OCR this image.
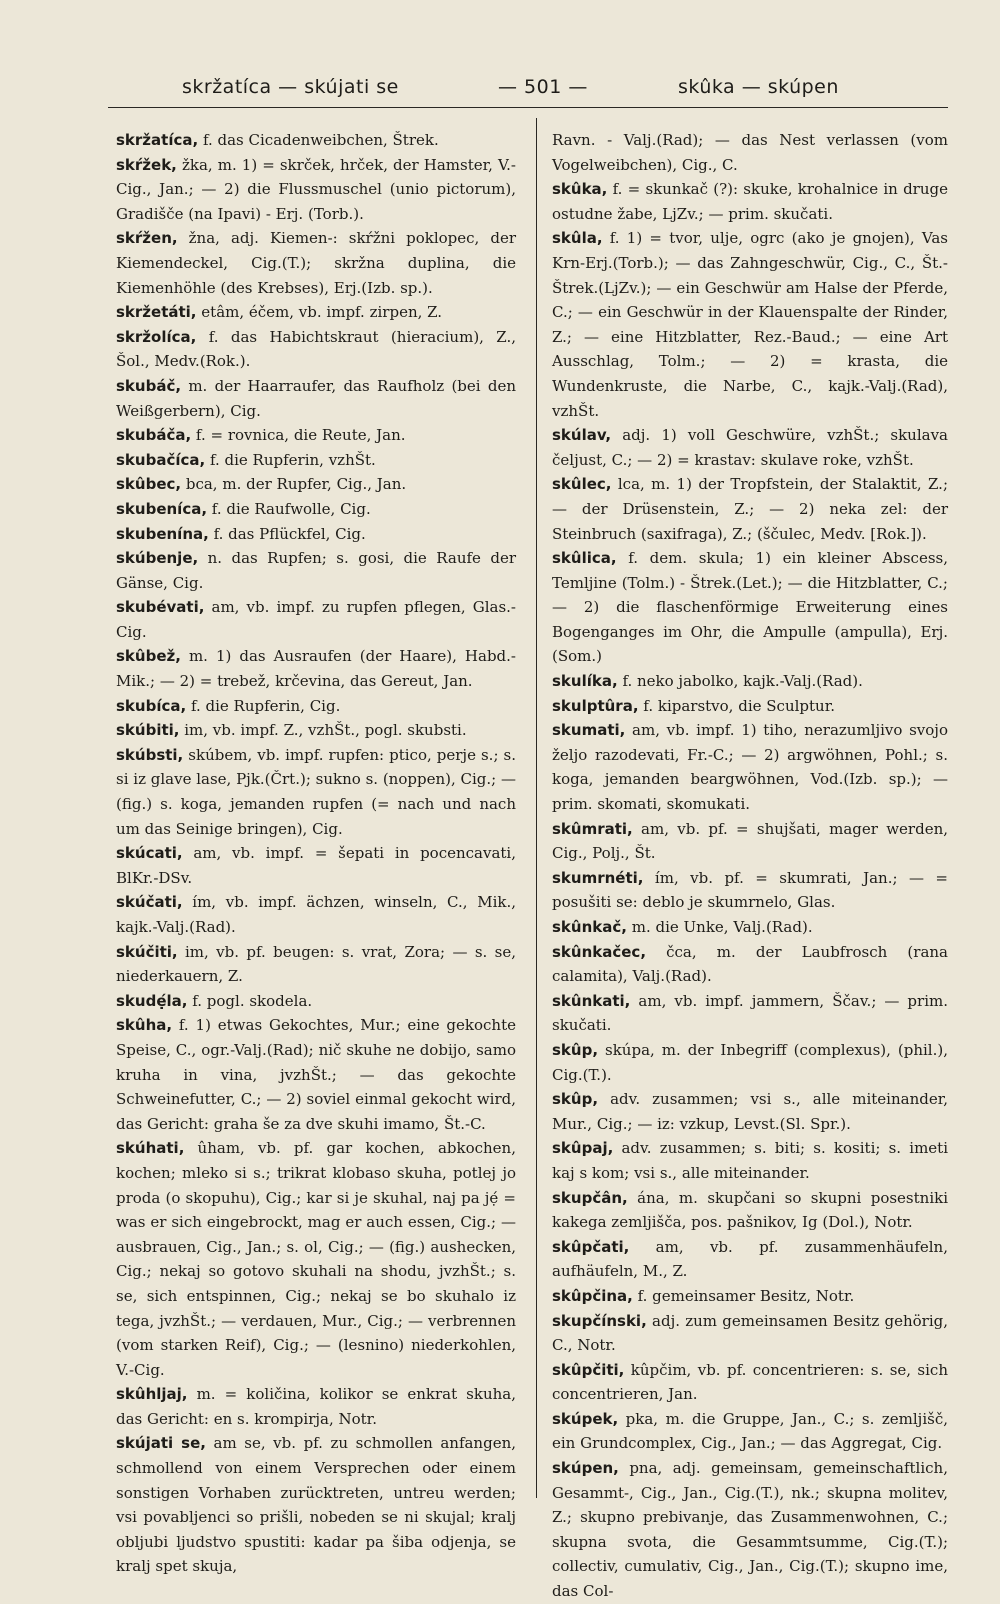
skržatíca — skújati se	— 501 —	skûka — skúpen

skržatíca, f. das Cicadenweibchen, Štrek.

skŕžek, žka, m. 1) = skrček, hrček, der Hamster, V.-Cig., Jan.; — 2) die Flussmuschel (unio pictorum), Gradišče (na Ipavi) - Erj. (Torb.).

skŕžen, žna, adj. Kiemen-: skŕžni poklopec, der Kiemendeckel, Cig.(T.); skržna duplina, die Kiemenhöhle (des Krebses), Erj.(Izb. sp.).

skržetáti, etâm, éčem, vb. impf. zirpen, Z.

skržolíca, f. das Habichtskraut (hieracium), Z., Šol., Medv.(Rok.).

skubáč, m. der Haarraufer, das Raufholz (bei den Weißgerbern), Cig.

skubáča, f. = rovnica, die Reute, Jan.

skubačíca, f. die Rupferin, vzhŠt.

skûbec, bca, m. der Rupfer, Cig., Jan.

skubeníca, f. die Raufwolle, Cig.

skubenína, f. das Pflückfel, Cig.

skúbenje, n. das Rupfen; s. gosi, die Raufe der Gänse, Cig.

skubévati, am, vb. impf. zu rupfen pflegen, Glas.-Cig.

skûbež, m. 1) das Ausraufen (der Haare), Habd.-Mik.; — 2) = trebež, krčevina, das Gereut, Jan.

skubíca, f. die Rupferin, Cig.

skúbiti, im, vb. impf. Z., vzhŠt., pogl. skubsti.

skúbsti, skúbem, vb. impf. rupfen: ptico, perje s.; s. si iz glave lase, Pjk.(Črt.); sukno s. (noppen), Cig.; — (fig.) s. koga, jemanden rupfen (= nach und nach um das Seinige bringen), Cig.

skúcati, am, vb. impf. = šepati in pocencavati, BlKr.-DSv.

skúčati, ím, vb. impf. ächzen, winseln, C., Mik., kajk.-Valj.(Rad).

skúčiti, im, vb. pf. beugen: s. vrat, Zora; — s. se, niederkauern, Z.

skudẹ́la, f. pogl. skodela.

skûha, f. 1) etwas Gekochtes, Mur.; eine gekochte Speise, C., ogr.-Valj.(Rad); nič skuhe ne dobijo, samo kruha in vina, jvzhŠt.; — das gekochte Schweinefutter, C.; — 2) soviel einmal gekocht wird, das Gericht: graha še za dve skuhi imamo, Št.-C.

skúhati, ûham, vb. pf. gar kochen, abkochen, kochen; mleko si s.; trikrat klobaso skuha, potlej jo proda (o skopuhu), Cig.; kar si je skuhal, naj pa jẹ́ = was er sich eingebrockt, mag er auch essen, Cig.; — ausbrauen, Cig., Jan.; s. ol, Cig.; — (fig.) aushecken, Cig.; nekaj so gotovo skuhali na shodu, jvzhŠt.; s. se, sich entspinnen, Cig.; nekaj se bo skuhalo iz tega, jvzhŠt.; — verdauen, Mur., Cig.; — verbrennen (vom starken Reif), Cig.; — (lesnino) niederkohlen, V.-Cig.

skûhljaj, m. = količina, kolikor se enkrat skuha, das Gericht: en s. krompirja, Notr.

skújati se, am se, vb. pf. zu schmollen anfangen, schmollend von einem Versprechen oder einem sonstigen Vorhaben zurücktreten, untreu werden; vsi povabljenci so prišli, nobeden se ni skujal; kralj obljubi ljudstvo spustiti: kadar pa šiba odjenja, se kralj spet skuja,

Ravn. - Valj.(Rad); — das Nest verlassen (vom Vogelweibchen), Cig., C.

skûka, f. = skunkač (?): skuke, krohalnice in druge ostudne žabe, LjZv.; — prim. skučati.

skûla, f. 1) = tvor, ulje, ogrc (ako je gnojen), Vas Krn-Erj.(Torb.); — das Zahngeschwür, Cig., C., Št.-Štrek.(LjZv.); — ein Geschwür am Halse der Pferde, C.; — ein Geschwür in der Klauenspalte der Rinder, Z.; — eine Hitzblatter, Rez.-Baud.; — eine Art Ausschlag, Tolm.; — 2) = krasta, die Wundenkruste, die Narbe, C., kajk.-Valj.(Rad), vzhŠt.

skúlav, adj. 1) voll Geschwüre, vzhŠt.; skulava čeljust, C.; — 2) = krastav: skulave roke, vzhŠt.

skûlec, lca, m. 1) der Tropfstein, der Stalaktit, Z.; — der Drüsenstein, Z.; — 2) neka zel: der Steinbruch (saxifraga), Z.; (ščulec, Medv. [Rok.]).

skûlica, f. dem. skula; 1) ein kleiner Abscess, Temljine (Tolm.) - Štrek.(Let.); — die Hitzblatter, C.; — 2) die flaschenförmige Erweiterung eines Bogenganges im Ohr, die Ampulle (ampulla), Erj.(Som.)

skulíka, f. neko jabolko, kajk.-Valj.(Rad).

skulptûra, f. kiparstvo, die Sculptur.

skumati, am, vb. impf. 1) tiho, nerazumljivo svojo željo razodevati, Fr.-C.; — 2) argwöhnen, Pohl.; s. koga, jemanden beargwöhnen, Vod.(Izb. sp.); — prim. skomati, skomukati.

skûmrati, am, vb. pf. = shujšati, mager werden, Cig., Polj., Št.

skumrnéti, ím, vb. pf. = skumrati, Jan.; — = posušiti se: deblo je skumrnelo, Glas.

skûnkač, m. die Unke, Valj.(Rad).

skûnkačec, čca, m. der Laubfrosch (rana calamita), Valj.(Rad).

skûnkati, am, vb. impf. jammern, Ščav.; — prim. skučati.

skûp, skúpa, m. der Inbegriff (complexus), (phil.), Cig.(T.).

skûp, adv. zusammen; vsi s., alle miteinander, Mur., Cig.; — iz: vzkup, Levst.(Sl. Spr.).

skûpaj, adv. zusammen; s. biti; s. kositi; s. imeti kaj s kom; vsi s., alle miteinander.

skupčân, ána, m. skupčani so skupni posestniki kakega zemljišča, pos. pašnikov, Ig (Dol.), Notr.

skûpčati, am, vb. pf. zusammenhäufeln, aufhäufeln, M., Z.

skûpčina, f. gemeinsamer Besitz, Notr.

skupčínski, adj. zum gemeinsamen Besitz gehörig, C., Notr.

skûpčiti, kûpčim, vb. pf. concentrieren: s. se, sich concentrieren, Jan.

skúpek, pka, m. die Gruppe, Jan., C.; s. zemljišč, ein Grundcomplex, Cig., Jan.; — das Aggregat, Cig.

skúpen, pna, adj. gemeinsam, gemeinschaftlich, Gesammt-, Cig., Jan., Cig.(T.), nk.; skupna molitev, Z.; skupno prebivanje, das Zusammenwohnen, C.; skupna svota, die Gesammtsumme, Cig.(T.); collectiv, cumulativ, Cig., Jan., Cig.(T.); skupno ime, das Col-
